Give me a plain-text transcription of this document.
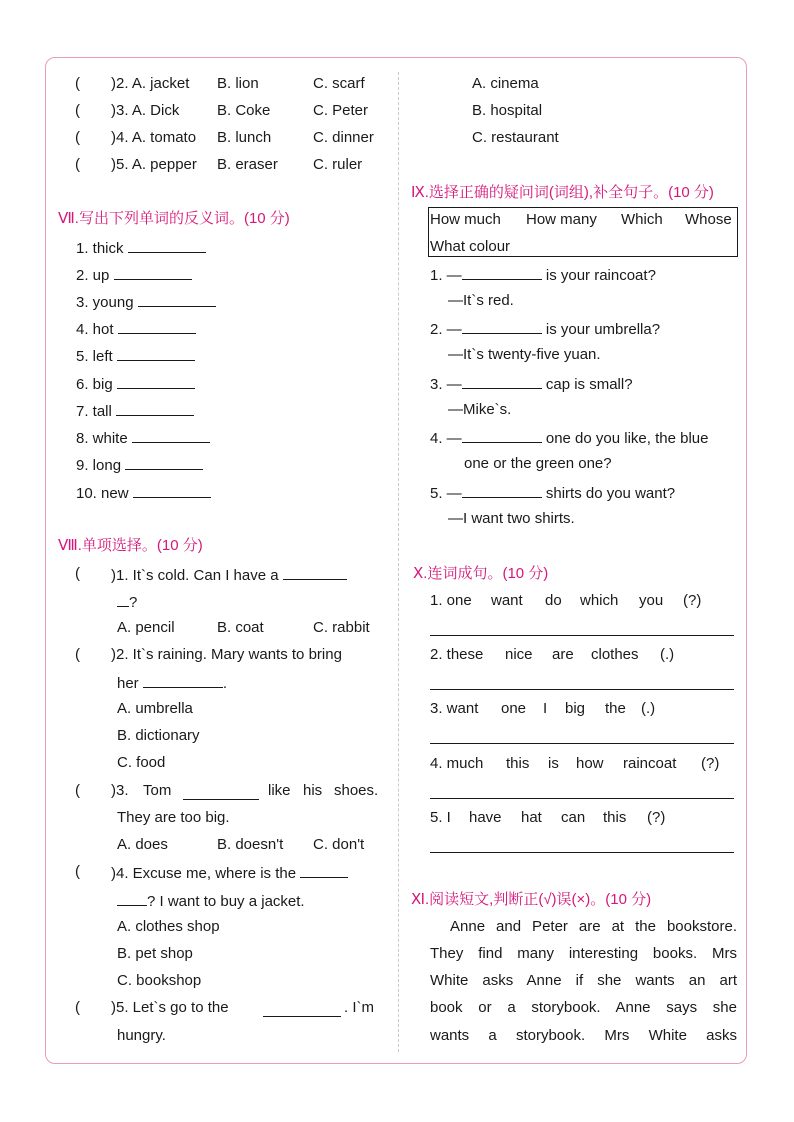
( )2. A. jacket B. lion	C. scarf
( )3. A. Dick	B. Coke	C. Peter
( )4. A. tomato B. lunch	C. dinner
( )5. A. pepper B. eraser C. ruler
Ⅶ.写出下列单词的反义词。(10 分)
1. thick
2. up
3. young
4. hot
5. left
6. big
7. tall
8. white
9. long
10. new
Ⅷ.单项选择。(10 分)
( )1. It`s cold. Can I have a
?
A. pencil	B. coat	C. rabbit
( )2. It`s raining. Mary wants to bring
her	.
A. umbrella
B. dictionary
C. food
( )3. Tom	like his shoes.
They are too big.
A. does	B. doesn't C. don't
( )4. Excuse me, where is the
? I want to buy a jacket.
A. clothes shop
B. pet shop
C. bookshop
( )5. Let`s go to the	. I`m
hungry.
A. cinema
B. hospital
C. restaurant
Ⅸ.选择正确的疑问词(词组),补全句子。(10 分)
How much How many Which Whose
What colour
1. —	is your raincoat?
—It`s red.
2. —	is your umbrella?
—It`s twenty-five yuan.
3. —	cap is small?
—Mike`s.
4. —	one do you like, the blue
one or the green one?
5. —	shirts do you want?
—I want two shirts.
Ⅹ.连词成句。(10 分)
1. one want do which you (?)
2. these nice are clothes (.)
3. want one I big the (.)
4. much this is how raincoat (?)
5. I have hat can this (?)
Ⅺ.阅读短文,判断正(√)误(×)。(10 分)
Anne and Peter are at the bookstore.
They find many interesting books. Mrs
White asks Anne if she wants an art
book or a storybook. Anne says she
wants a storybook. Mrs White asks
